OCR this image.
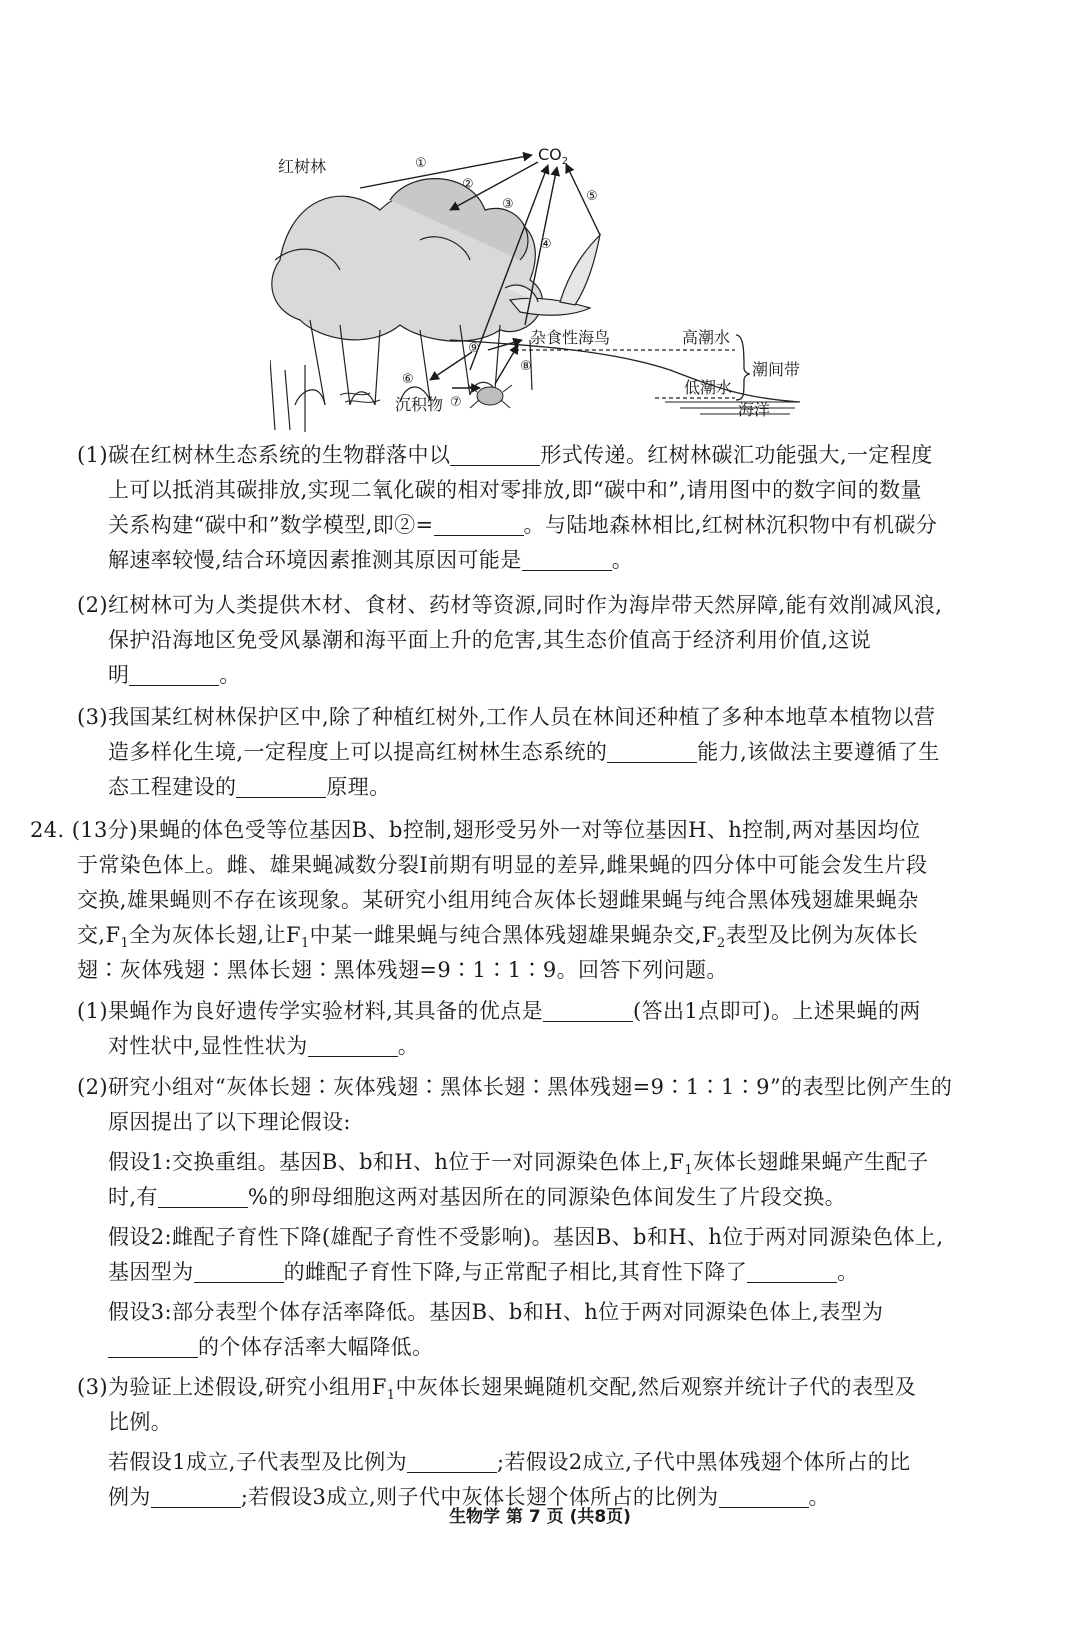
红树林
$CO_2$
杂食性海鸟	高潮水
潮间带
低潮水
沉积物	海洋
①
②
③
④
⑤
⑥
⑦
⑧
⑨
(1)碳在红树林生态系统的生物群落中以	形式传递。红树林碳汇功能强大,一定程度
上可以抵消其碳排放,实现二氧化碳的相对零排放,即“碳中和”,请用图中的数字间的数量
关系构建“碳中和”数学模型,即②=	。与陆地森林相比,红树林沉积物中有机碳分
解速率较慢,结合环境因素推测其原因可能是	。
(2)红树林可为人类提供木材、食材、药材等资源,同时作为海岸带天然屏障,能有效削减风浪,
保护沿海地区免受风暴潮和海平面上升的危害,其生态价值高于经济利用价值,这说
明	。
(3)我国某红树林保护区中,除了种植红树外,工作人员在林间还种植了多种本地草本植物以营
造多样化生境,一定程度上可以提高红树林生态系统的	能力,该做法主要遵循了生
态工程建设的	原理。
24. (13分)果蝇的体色受等位基因B、b控制,翅形受另外一对等位基因H、h控制,两对基因均位
于常染色体上。雌、雄果蝇减数分裂Ⅰ前期有明显的差异,雌果蝇的四分体中可能会发生片段
交换,雄果蝇则不存在该现象。某研究小组用纯合灰体长翅雌果蝇与纯合黑体残翅雄果蝇杂
交$,F_1$全为灰体长翅,让$F_1$中某一雌果蝇与纯合黑体残翅雄果蝇杂交$,F_2$表型及比例为灰体长
翅∶灰体残翅∶黑体长翅∶黑体残翅=9∶1∶1∶9。回答下列问题。
(1)果蝇作为良好遗传学实验材料,其具备的优点是	(答出1点即可)。上述果蝇的两
对性状中,显性性状为	。
(2)研究小组对“灰体长翅∶灰体残翅∶黑体长翅∶黑体残翅=9∶1∶1∶9”的表型比例产生的
原因提出了以下理论假设:
假设1:交换重组。基因B、b和H、h位于一对同源染色体上$,F_1$灰体长翅雌果蝇产生配子
时,有	%的卵母细胞这两对基因所在的同源染色体间发生了片段交换。
假设2:雌配子育性下降(雄配子育性不受影响)。基因B、b和H、h位于两对同源染色体上,
基因型为	的雌配子育性下降,与正常配子相比,其育性下降了	。
假设3:部分表型个体存活率降低。基因B、b和H、h位于两对同源染色体上,表型为
的个体存活率大幅降低。
(3)为验证上述假设,研究小组用$F_1$中灰体长翅果蝇随机交配,然后观察并统计子代的表型及
比例。
若假设1成立,子代表型及比例为	;若假设2成立,子代中黑体残翅个体所占的比
例为	;若假设3成立,则子代中灰体长翅个体所占的比例为	。
生物学 第 7 页 (共8页)
